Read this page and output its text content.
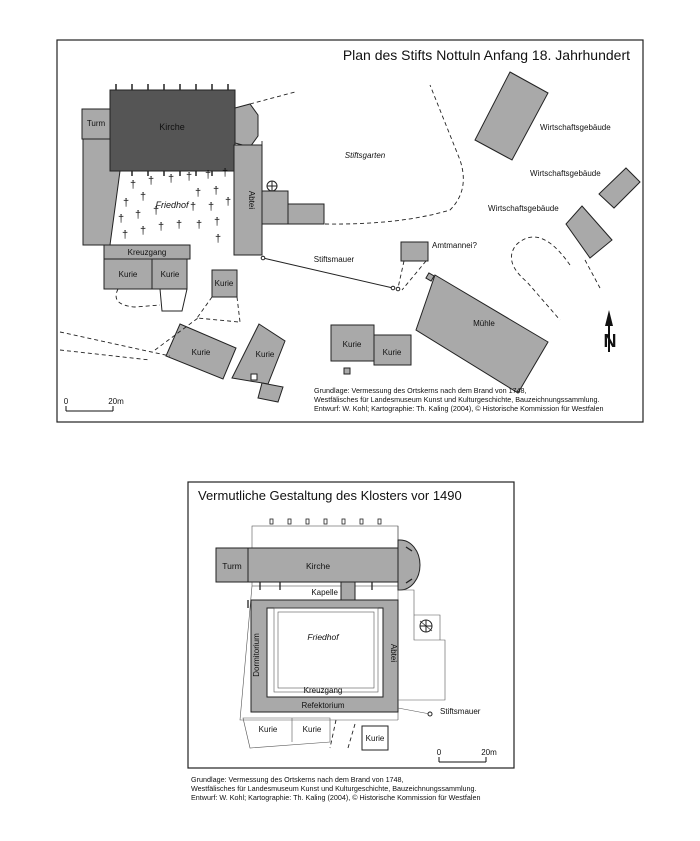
Plan des Stifts Nottuln Anfang 18. Jahrhundert
Kirche
Turm
Friedhof
† † † † † †
† †	† †
† † †	† † †
† † † † † †
†
Abtei
Kreuzgang
Kurie	Kurie
Kurie
Kurie	Kurie
Kurie
Kurie
Stiftsgarten
Stiftsmauer
Amtmannei?
Mühle
Wirtschaftsgebäude
Wirtschaftsgebäude
Wirtschaftsgebäude
N
0	20m
Grundlage: Vermessung des Ortskerns nach dem Brand von 1748,
Westfälisches für Landesmuseum Kunst und Kulturgeschichte, Bauzeichnungssammlung.
Entwurf: W. Kohl; Kartographie: Th. Kaling (2004), © Historische Kommission für Westfalen
Vermutliche Gestaltung des Klosters vor 1490
Kirche
Turm
Kapelle
Friedhof
Dormitorium	Abtei
Kreuzgang
Refektorium
Stiftsmauer
Kurie	Kurie
Kurie
0	20m
Grundlage: Vermessung des Ortskerns nach dem Brand von 1748,
Westfälisches für Landesmuseum Kunst und Kulturgeschichte, Bauzeichnungssammlung.
Entwurf: W. Kohl; Kartographie: Th. Kaling (2004), © Historische Kommission für Westfalen
